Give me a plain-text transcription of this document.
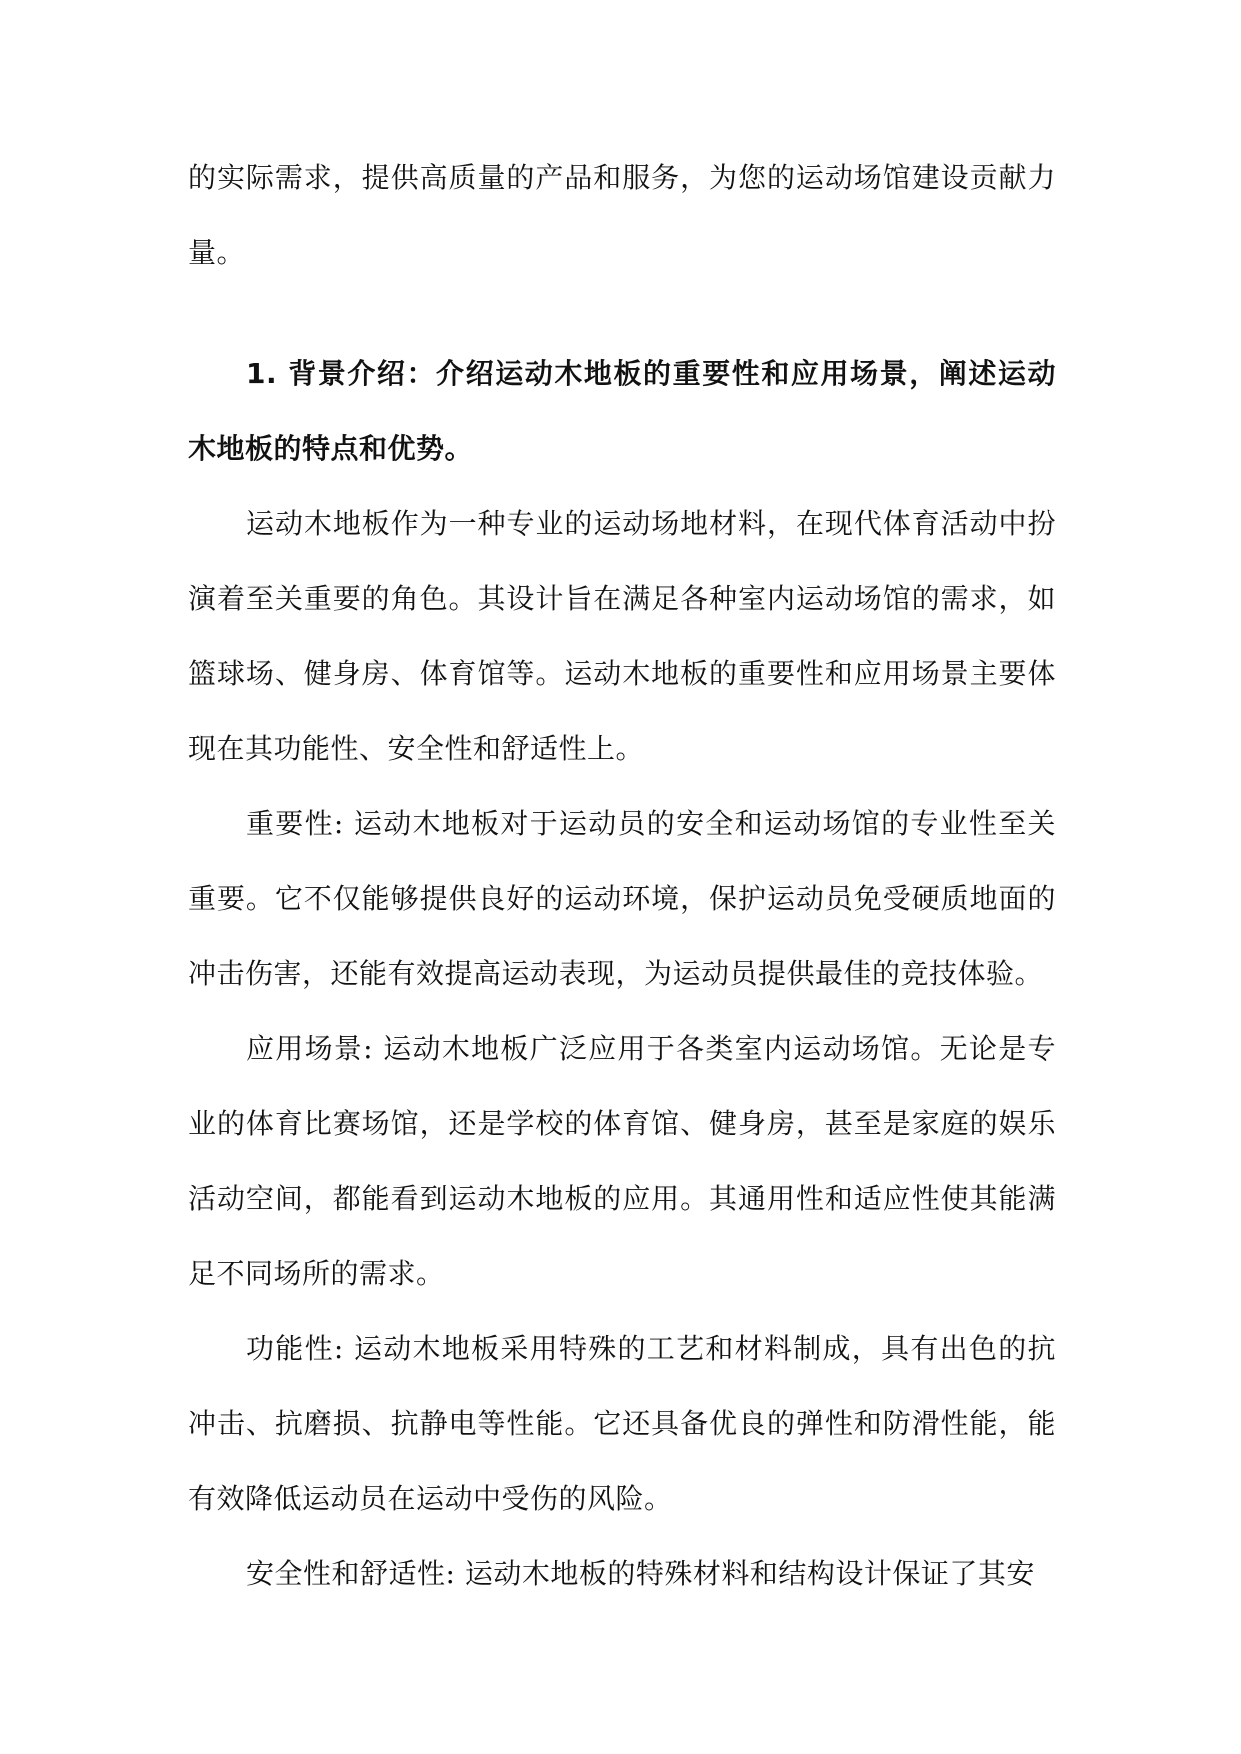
的实际需求，提供高质量的产品和服务，为您的运动场馆建设贡献力量。

1. 背景介绍：介绍运动木地板的重要性和应用场景，阐述运动木地板的特点和优势。

运动木地板作为一种专业的运动场地材料，在现代体育活动中扮演着至关重要的角色。其设计旨在满足各种室内运动场馆的需求，如篮球场、健身房、体育馆等。运动木地板的重要性和应用场景主要体现在其功能性、安全性和舒适性上。

重要性: 运动木地板对于运动员的安全和运动场馆的专业性至关重要。它不仅能够提供良好的运动环境，保护运动员免受硬质地面的冲击伤害，还能有效提高运动表现，为运动员提供最佳的竞技体验。

应用场景: 运动木地板广泛应用于各类室内运动场馆。无论是专业的体育比赛场馆，还是学校的体育馆、健身房，甚至是家庭的娱乐活动空间，都能看到运动木地板的应用。其通用性和适应性使其能满足不同场所的需求。

功能性: 运动木地板采用特殊的工艺和材料制成，具有出色的抗冲击、抗磨损、抗静电等性能。它还具备优良的弹性和防滑性能，能有效降低运动员在运动中受伤的风险。

安全性和舒适性: 运动木地板的特殊材料和结构设计保证了其安
